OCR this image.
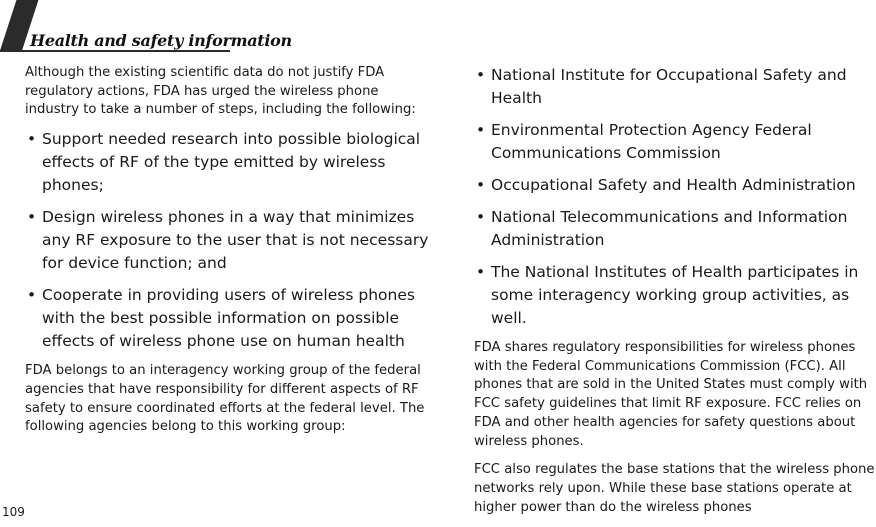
Health and safety information

Although the existing scientific data do not justify FDA regulatory actions, FDA has urged the wireless phone industry to take a number of steps, including the following:

• Support needed research into possible biological effects of RF of the type emitted by wireless phones;
• Design wireless phones in a way that minimizes any RF exposure to the user that is not necessary for device function; and
• Cooperate in providing users of wireless phones with the best possible information on possible effects of wireless phone use on human health

FDA belongs to an interagency working group of the federal agencies that have responsibility for different aspects of RF safety to ensure coordinated efforts at the federal level. The following agencies belong to this working group:

• National Institute for Occupational Safety and Health
• Environmental Protection Agency Federal Communications Commission
• Occupational Safety and Health Administration
• National Telecommunications and Information Administration
• The National Institutes of Health participates in some interagency working group activities, as well.

FDA shares regulatory responsibilities for wireless phones with the Federal Communications Commission (FCC). All phones that are sold in the United States must comply with FCC safety guidelines that limit RF exposure. FCC relies on FDA and other health agencies for safety questions about wireless phones.

FCC also regulates the base stations that the wireless phone networks rely upon. While these base stations operate at higher power than do the wireless phones

109
